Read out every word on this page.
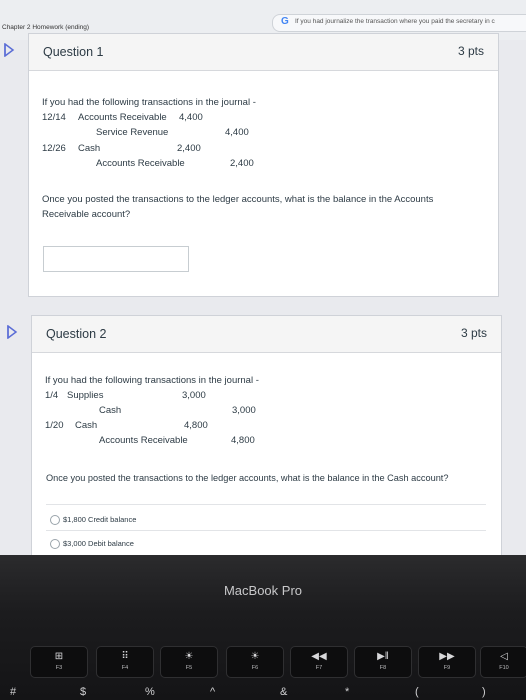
Chapter 2 Homework (ending)
G If you had journalize the transaction where you paid the secretary in c
Question 1	3 pts
If you had the following transactions in the journal -
12/14 Accounts Receivable 4,400
Service Revenue	4,400
12/26 Cash	2,400
Accounts Receivable	2,400
Once you posted the transactions to the ledger accounts, what is the balance in the Accounts
Receivable account?
Question 2	3 pts
If you had the following transactions in the journal -
1/4 Supplies	3,000
Cash	3,000
1/20 Cash	4,800
Accounts Receivable	4,800
Once you posted the transactions to the ledger accounts, what is the balance in the Cash account?
$1,800 Credit balance
$3,000 Debit balance
MacBook Pro
⊞
F3
⠿
F4
☀
F5
☀
F6
◀◀
F7
▶‖
F8
▶▶
F9
◁
F10
#	$	%	^	&	*	(	)
